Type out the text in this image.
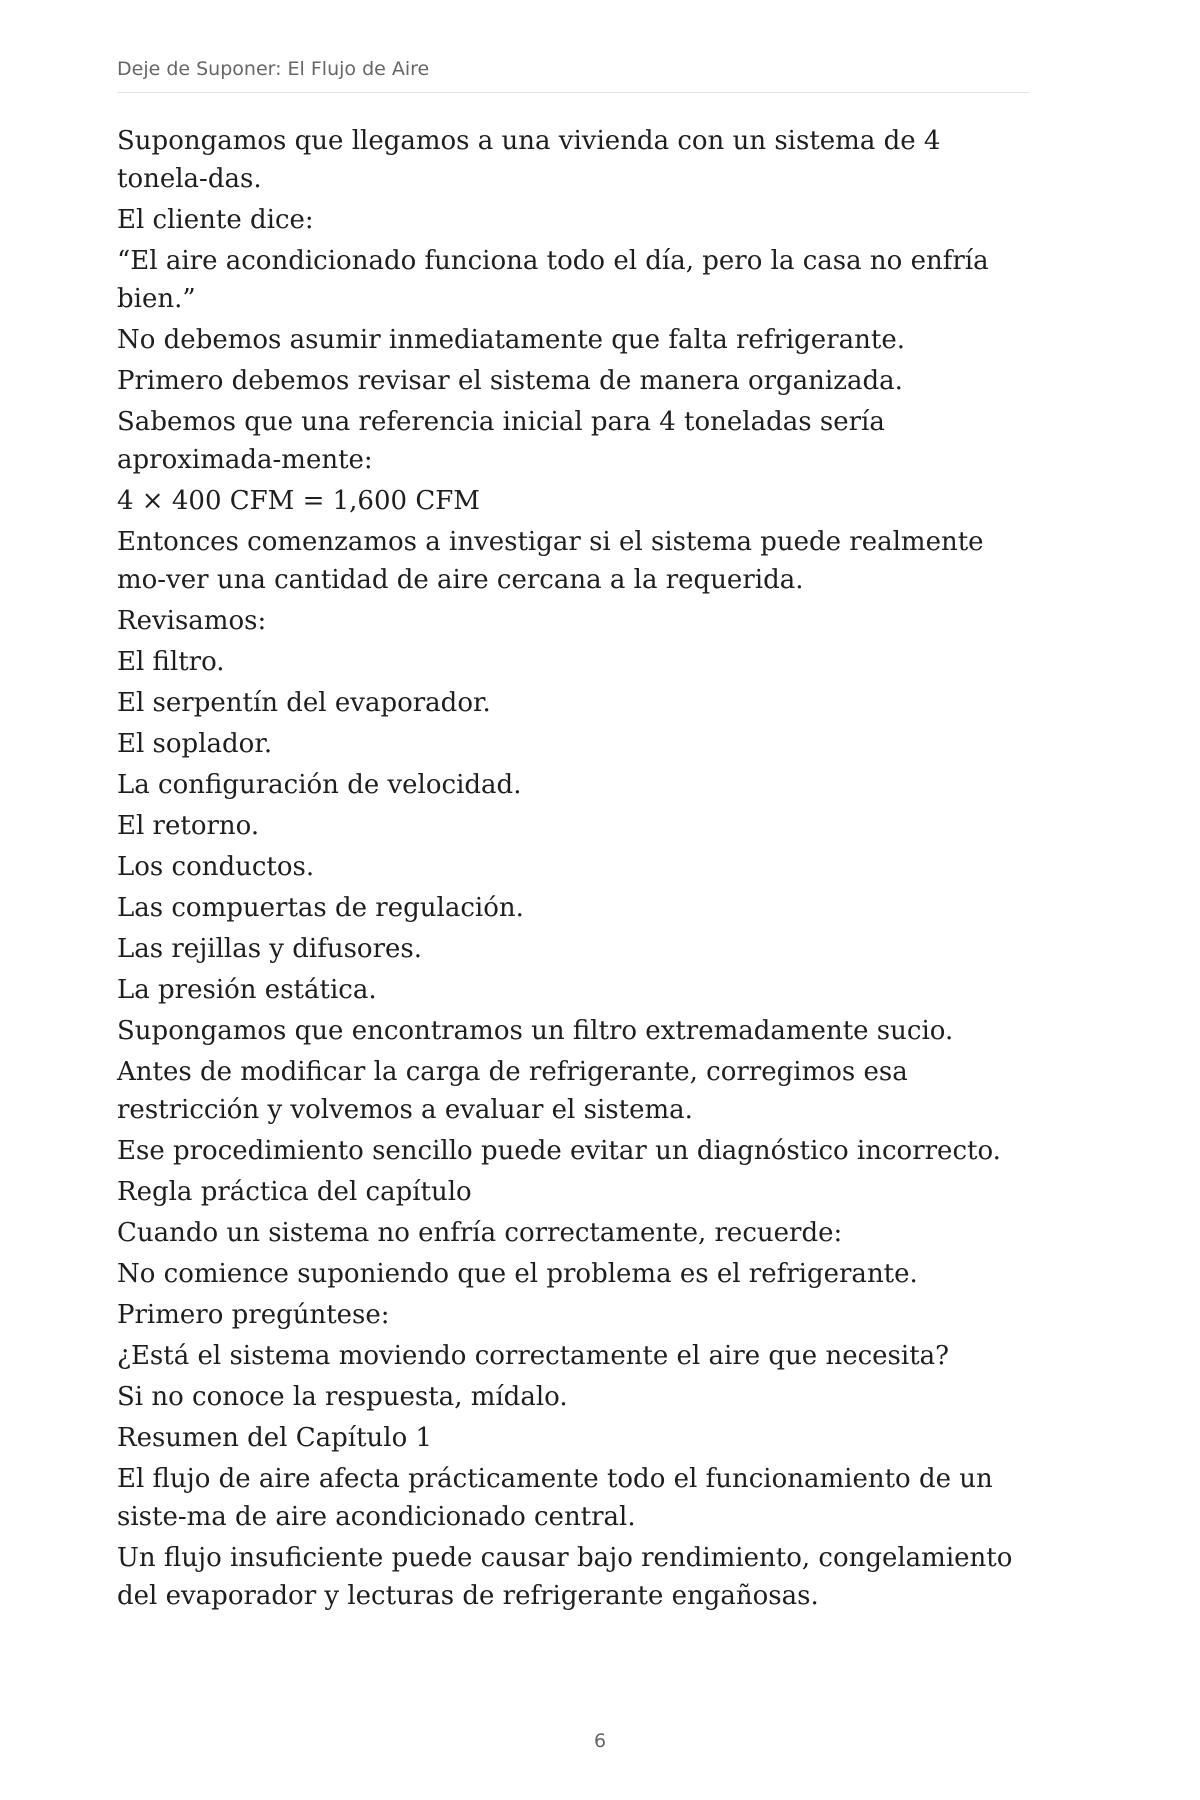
Deje de Suponer: El Flujo de Aire

Supongamos que llegamos a una vivienda con un sistema de 4 tonela-das.

El cliente dice:

“El aire acondicionado funciona todo el día, pero la casa no enfría bien.”

No debemos asumir inmediatamente que falta refrigerante.

Primero debemos revisar el sistema de manera organizada.

Sabemos que una referencia inicial para 4 toneladas sería aproximada-mente:

4 × 400 CFM = 1,600 CFM

Entonces comenzamos a investigar si el sistema puede realmente mo-ver una cantidad de aire cercana a la requerida.

Revisamos:

El filtro.

El serpentín del evaporador.

El soplador.

La configuración de velocidad.

El retorno.

Los conductos.

Las compuertas de regulación.

Las rejillas y difusores.

La presión estática.

Supongamos que encontramos un filtro extremadamente sucio.

Antes de modificar la carga de refrigerante, corregimos esa restricción y volvemos a evaluar el sistema.

Ese procedimiento sencillo puede evitar un diagnóstico incorrecto.

Regla práctica del capítulo

Cuando un sistema no enfría correctamente, recuerde:

No comience suponiendo que el problema es el refrigerante.

Primero pregúntese:

¿Está el sistema moviendo correctamente el aire que necesita?

Si no conoce la respuesta, mídalo.

Resumen del Capítulo 1

El flujo de aire afecta prácticamente todo el funcionamiento de un siste-ma de aire acondicionado central.

Un flujo insuficiente puede causar bajo rendimiento, congelamiento del evaporador y lecturas de refrigerante engañosas.

6
